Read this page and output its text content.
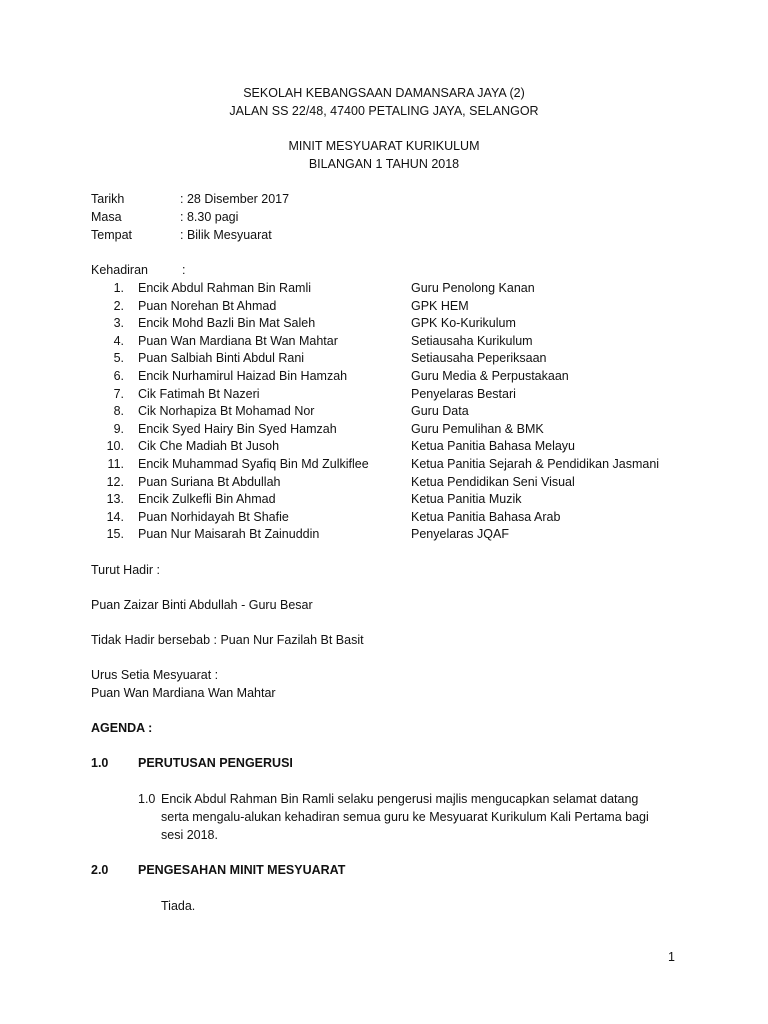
SEKOLAH KEBANGSAAN DAMANSARA JAYA (2)
JALAN SS 22/48, 47400 PETALING JAYA, SELANGOR
MINIT MESYUARAT KURIKULUM
BILANGAN 1 TAHUN 2018
Tarikh	: 28 Disember 2017
Masa	: 8.30 pagi
Tempat	: Bilik Mesyuarat
Kehadiran	:
1. Encik Abdul Rahman Bin Ramli	Guru Penolong Kanan
2. Puan Norehan Bt Ahmad	GPK HEM
3. Encik Mohd Bazli Bin Mat Saleh	GPK Ko-Kurikulum
4. Puan Wan Mardiana Bt Wan Mahtar	Setiausaha Kurikulum
5. Puan Salbiah Binti Abdul Rani	Setiausaha Peperiksaan
6. Encik Nurhamirul Haizad Bin Hamzah	Guru Media & Perpustakaan
7. Cik Fatimah Bt Nazeri	Penyelaras Bestari
8. Cik Norhapiza Bt Mohamad Nor	Guru Data
9. Encik Syed Hairy Bin Syed Hamzah	Guru Pemulihan & BMK
10. Cik Che Madiah Bt Jusoh	Ketua Panitia Bahasa Melayu
11. Encik Muhammad Syafiq Bin Md Zulkiflee	Ketua Panitia Sejarah & Pendidikan Jasmani
12. Puan Suriana Bt Abdullah	Ketua Pendidikan Seni Visual
13. Encik Zulkefli Bin Ahmad	Ketua Panitia Muzik
14. Puan Norhidayah Bt Shafie	Ketua Panitia Bahasa Arab
15. Puan Nur Maisarah Bt Zainuddin	Penyelaras JQAF
Turut Hadir :
Puan Zaizar Binti Abdullah - Guru Besar
Tidak Hadir bersebab : Puan Nur Fazilah Bt Basit
Urus Setia Mesyuarat :
Puan Wan Mardiana Wan Mahtar
AGENDA :
1.0 PERUTUSAN PENGERUSI
1.0 Encik Abdul Rahman Bin Ramli selaku pengerusi majlis mengucapkan selamat datang
serta mengalu-alukan kehadiran semua guru ke Mesyuarat Kurikulum Kali Pertama bagi
sesi 2018.
2.0 PENGESAHAN MINIT MESYUARAT
Tiada.
1
